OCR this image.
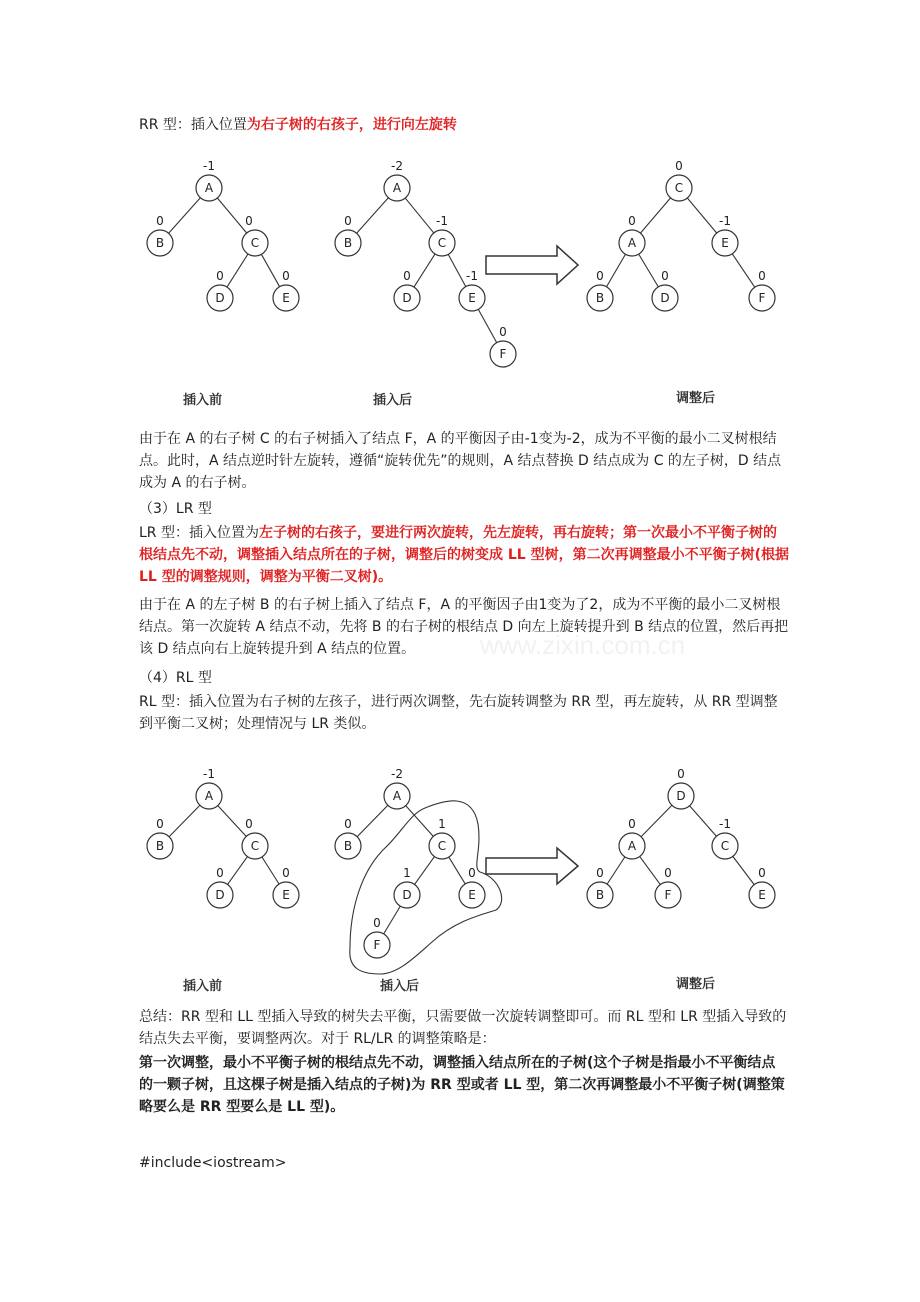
RR 型：插入位置为右子树的右孩子，进行向左旋转

A
-1
B
0
C
0
D
0
E
0
A
-2
B
0
C
-1
D
0
E
-1
F
0
C
0
A
0
E
-1
B
0
D
0
F
0
插入前	插入后	调整后

由于在 A 的右子树 C 的右子树插入了结点 F，A 的平衡因子由-1变为-2，成为不平衡的最小二叉树根结点。此时，A 结点逆时针左旋转，遵循“旋转优先”的规则，A 结点替换 D 结点成为 C 的左子树，D 结点成为 A 的右子树。

（3）LR 型

LR 型：插入位置为左子树的右孩子，要进行两次旋转，先左旋转，再右旋转；第一次最小不平衡子树的根结点先不动，调整插入结点所在的子树，调整后的树变成 LL 型树，第二次再调整最小不平衡子树(根据 LL 型的调整规则，调整为平衡二叉树)。

由于在 A 的左子树 B 的右子树上插入了结点 F，A 的平衡因子由1变为了2，成为不平衡的最小二叉树根结点。第一次旋转 A 结点不动，先将 B 的右子树的根结点 D 向左上旋转提升到 B 结点的位置，然后再把该 D 结点向右上旋转提升到 A 结点的位置。	www.zixin.com.cn

（4）RL 型

RL 型：插入位置为右子树的左孩子，进行两次调整，先右旋转调整为 RR 型，再左旋转，从 RR 型调整到平衡二叉树；处理情况与 LR 类似。

A
-1
B
0
C
0
D
0
E
0
A
-2
B
0
C
1
D
1
E
0
F
0
D
0
A
0
C
-1
B
0
F
0
E
0
插入前	插入后	调整后

总结：RR 型和 LL 型插入导致的树失去平衡，只需要做一次旋转调整即可。而 RL 型和 LR 型插入导致的结点失去平衡，要调整两次。对于 RL/LR 的调整策略是：

第一次调整，最小不平衡子树的根结点先不动，调整插入结点所在的子树(这个子树是指最小不平衡结点的一颗子树，且这棵子树是插入结点的子树)为 RR 型或者 LL 型，第二次再调整最小不平衡子树(调整策略要么是 RR 型要么是 LL 型)。

#include<iostream>
